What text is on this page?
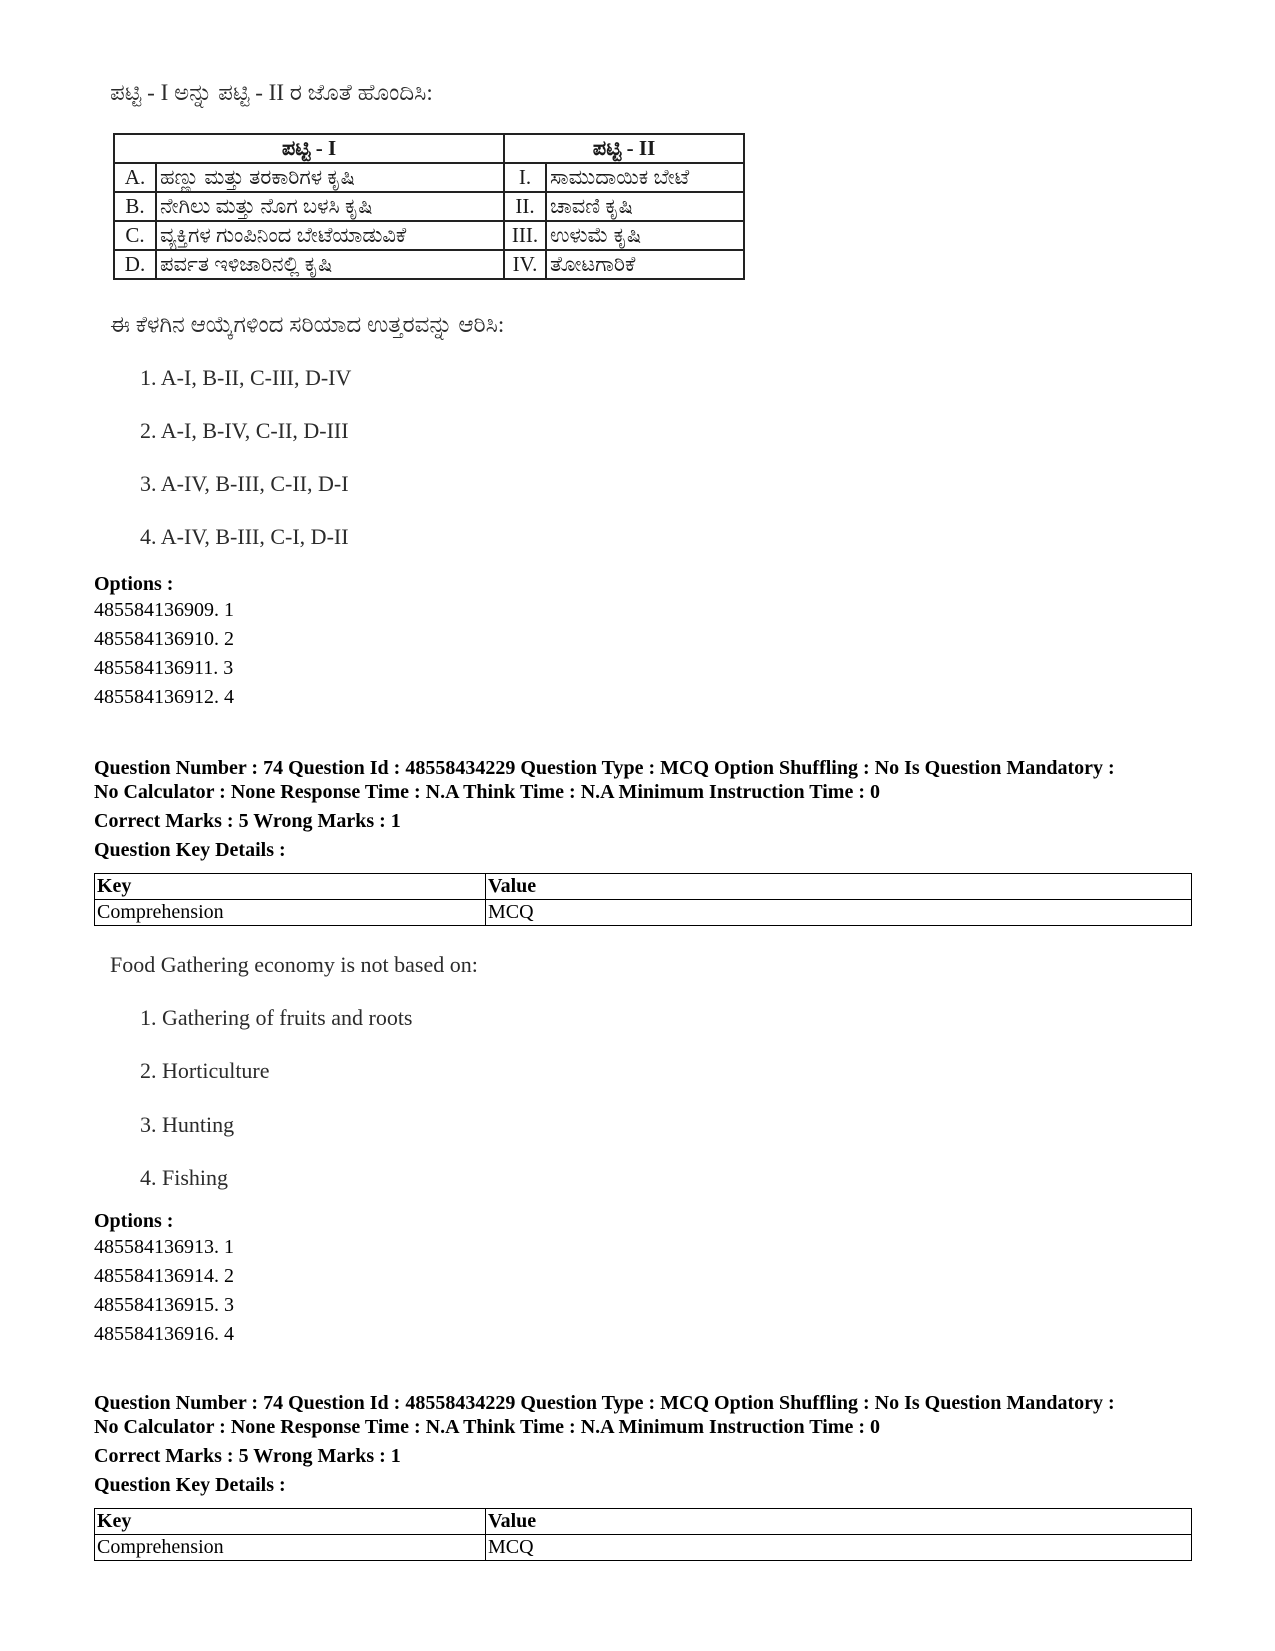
ಪಟ್ಟಿ - I ಅನ್ನು ಪಟ್ಟಿ - II ರ ಜೊತೆ ಹೊಂದಿಸಿ:

ಪಟ್ಟಿ - I		ಪಟ್ಟಿ - II	
A.	ಹಣ್ಣು ಮತ್ತು ತರಕಾರಿಗಳ ಕೃಷಿ	I.	ಸಾಮುದಾಯಿಕ ಬೇಟೆ
B.	ನೇಗಿಲು ಮತ್ತು ನೊಗ ಬಳಸಿ ಕೃಷಿ	II.	ಚಾವಣಿ ಕೃಷಿ
C.	ವ್ಯಕ್ತಿಗಳ ಗುಂಪಿನಿಂದ ಬೇಟೆಯಾಡುವಿಕೆ	III.	ಉಳುಮೆ ಕೃಷಿ
D.	ಪರ್ವತ ಇಳಿಜಾರಿನಲ್ಲಿ ಕೃಷಿ	IV.	ತೋಟಗಾರಿಕೆ

ಈ ಕೆಳಗಿನ ಆಯ್ಕೆಗಳಿಂದ ಸರಿಯಾದ ಉತ್ತರವನ್ನು ಆರಿಸಿ:

1. A-I, B-II, C-III, D-IV

2. A-I, B-IV, C-II, D-III

3. A-IV, B-III, C-II, D-I

4. A-IV, B-III, C-I, D-II

Options :

485584136909. 1

485584136910. 2

485584136911. 3

485584136912. 4

Question Number : 74 Question Id : 48558434229 Question Type : MCQ Option Shuffling : No Is Question Mandatory :

No Calculator : None Response Time : N.A Think Time : N.A Minimum Instruction Time : 0

Correct Marks : 5 Wrong Marks : 1

Question Key Details :

Key	Value
Comprehension	MCQ

Food Gathering economy is not based on:

1. Gathering of fruits and roots

2. Horticulture

3. Hunting

4. Fishing

Options :

485584136913. 1

485584136914. 2

485584136915. 3

485584136916. 4

Question Number : 74 Question Id : 48558434229 Question Type : MCQ Option Shuffling : No Is Question Mandatory :

No Calculator : None Response Time : N.A Think Time : N.A Minimum Instruction Time : 0

Correct Marks : 5 Wrong Marks : 1

Question Key Details :

Key	Value
Comprehension	MCQ
